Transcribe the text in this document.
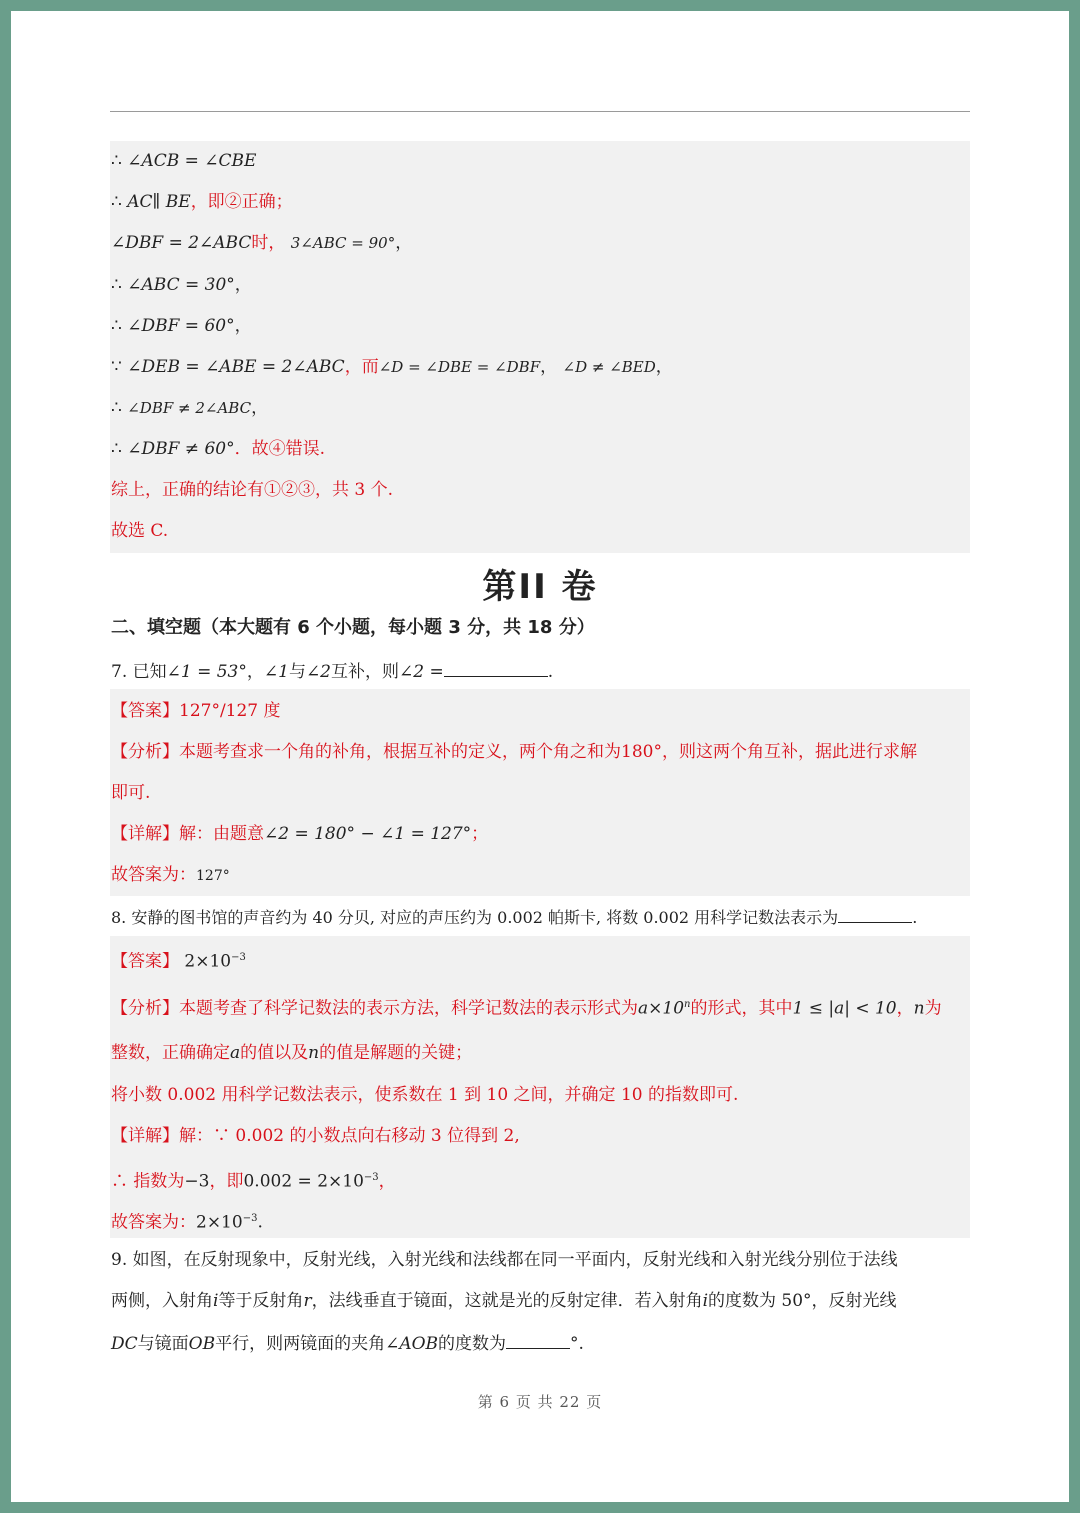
∴ ∠ACB = ∠CBE
∴ AC∥ BE，即②正确；
∠DBF = 2∠ABC时， 3∠ABC = 90°，
∴ ∠ABC = 30°，
∴ ∠DBF = 60°，
∵ ∠DEB = ∠ABE = 2∠ABC，而∠D = ∠DBE = ∠DBF， ∠D ≠ ∠BED，
∴ ∠DBF ≠ 2∠ABC，
∴ ∠DBF ≠ 60°．故④错误.
综上，正确的结论有①②③，共 3 个.
故选 C.
第II 卷
二、填空题（本大题有 6 个小题，每小题 3 分，共 18 分）
7. 已知∠1 = 53°，∠1与∠2互补，则∠2 =	.
【答案】127°/127 度
【分析】本题考查求一个角的补角，根据互补的定义，两个角之和为180°，则这两个角互补，据此进行求解
即可.
【详解】解：由题意∠2 = 180° − ∠1 = 127°；
故答案为：127°
8. 安静的图书馆的声音约为 40 分贝, 对应的声压约为 0.002 帕斯卡, 将数 0.002 用科学记数法表示为	.
【答案】 $2\times 10^{-3}$
【分析】本题考查了科学记数法的表示方法，科学记数法的表示形式为$a\times 10^n$的形式，其中1 ≤ |a| < 10，n为
整数，正确确定a的值以及n的值是解题的关键；
将小数 0.002 用科学记数法表示，使系数在 1 到 10 之间，并确定 10 的指数即可.
【详解】解：∵ 0.002 的小数点向右移动 3 位得到 2,
∴ 指数为−3，即$0.002 = 2\times 10^{-3}$，
故答案为：$2\times 10^{-3}$.
9. 如图，在反射现象中，反射光线，入射光线和法线都在同一平面内，反射光线和入射光线分别位于法线
两侧，入射角i等于反射角r，法线垂直于镜面，这就是光的反射定律．若入射角i的度数为 50°，反射光线
DC与镜面OB平行，则两镜面的夹角∠AOB的度数为	°.
第 6 页 共 22 页
